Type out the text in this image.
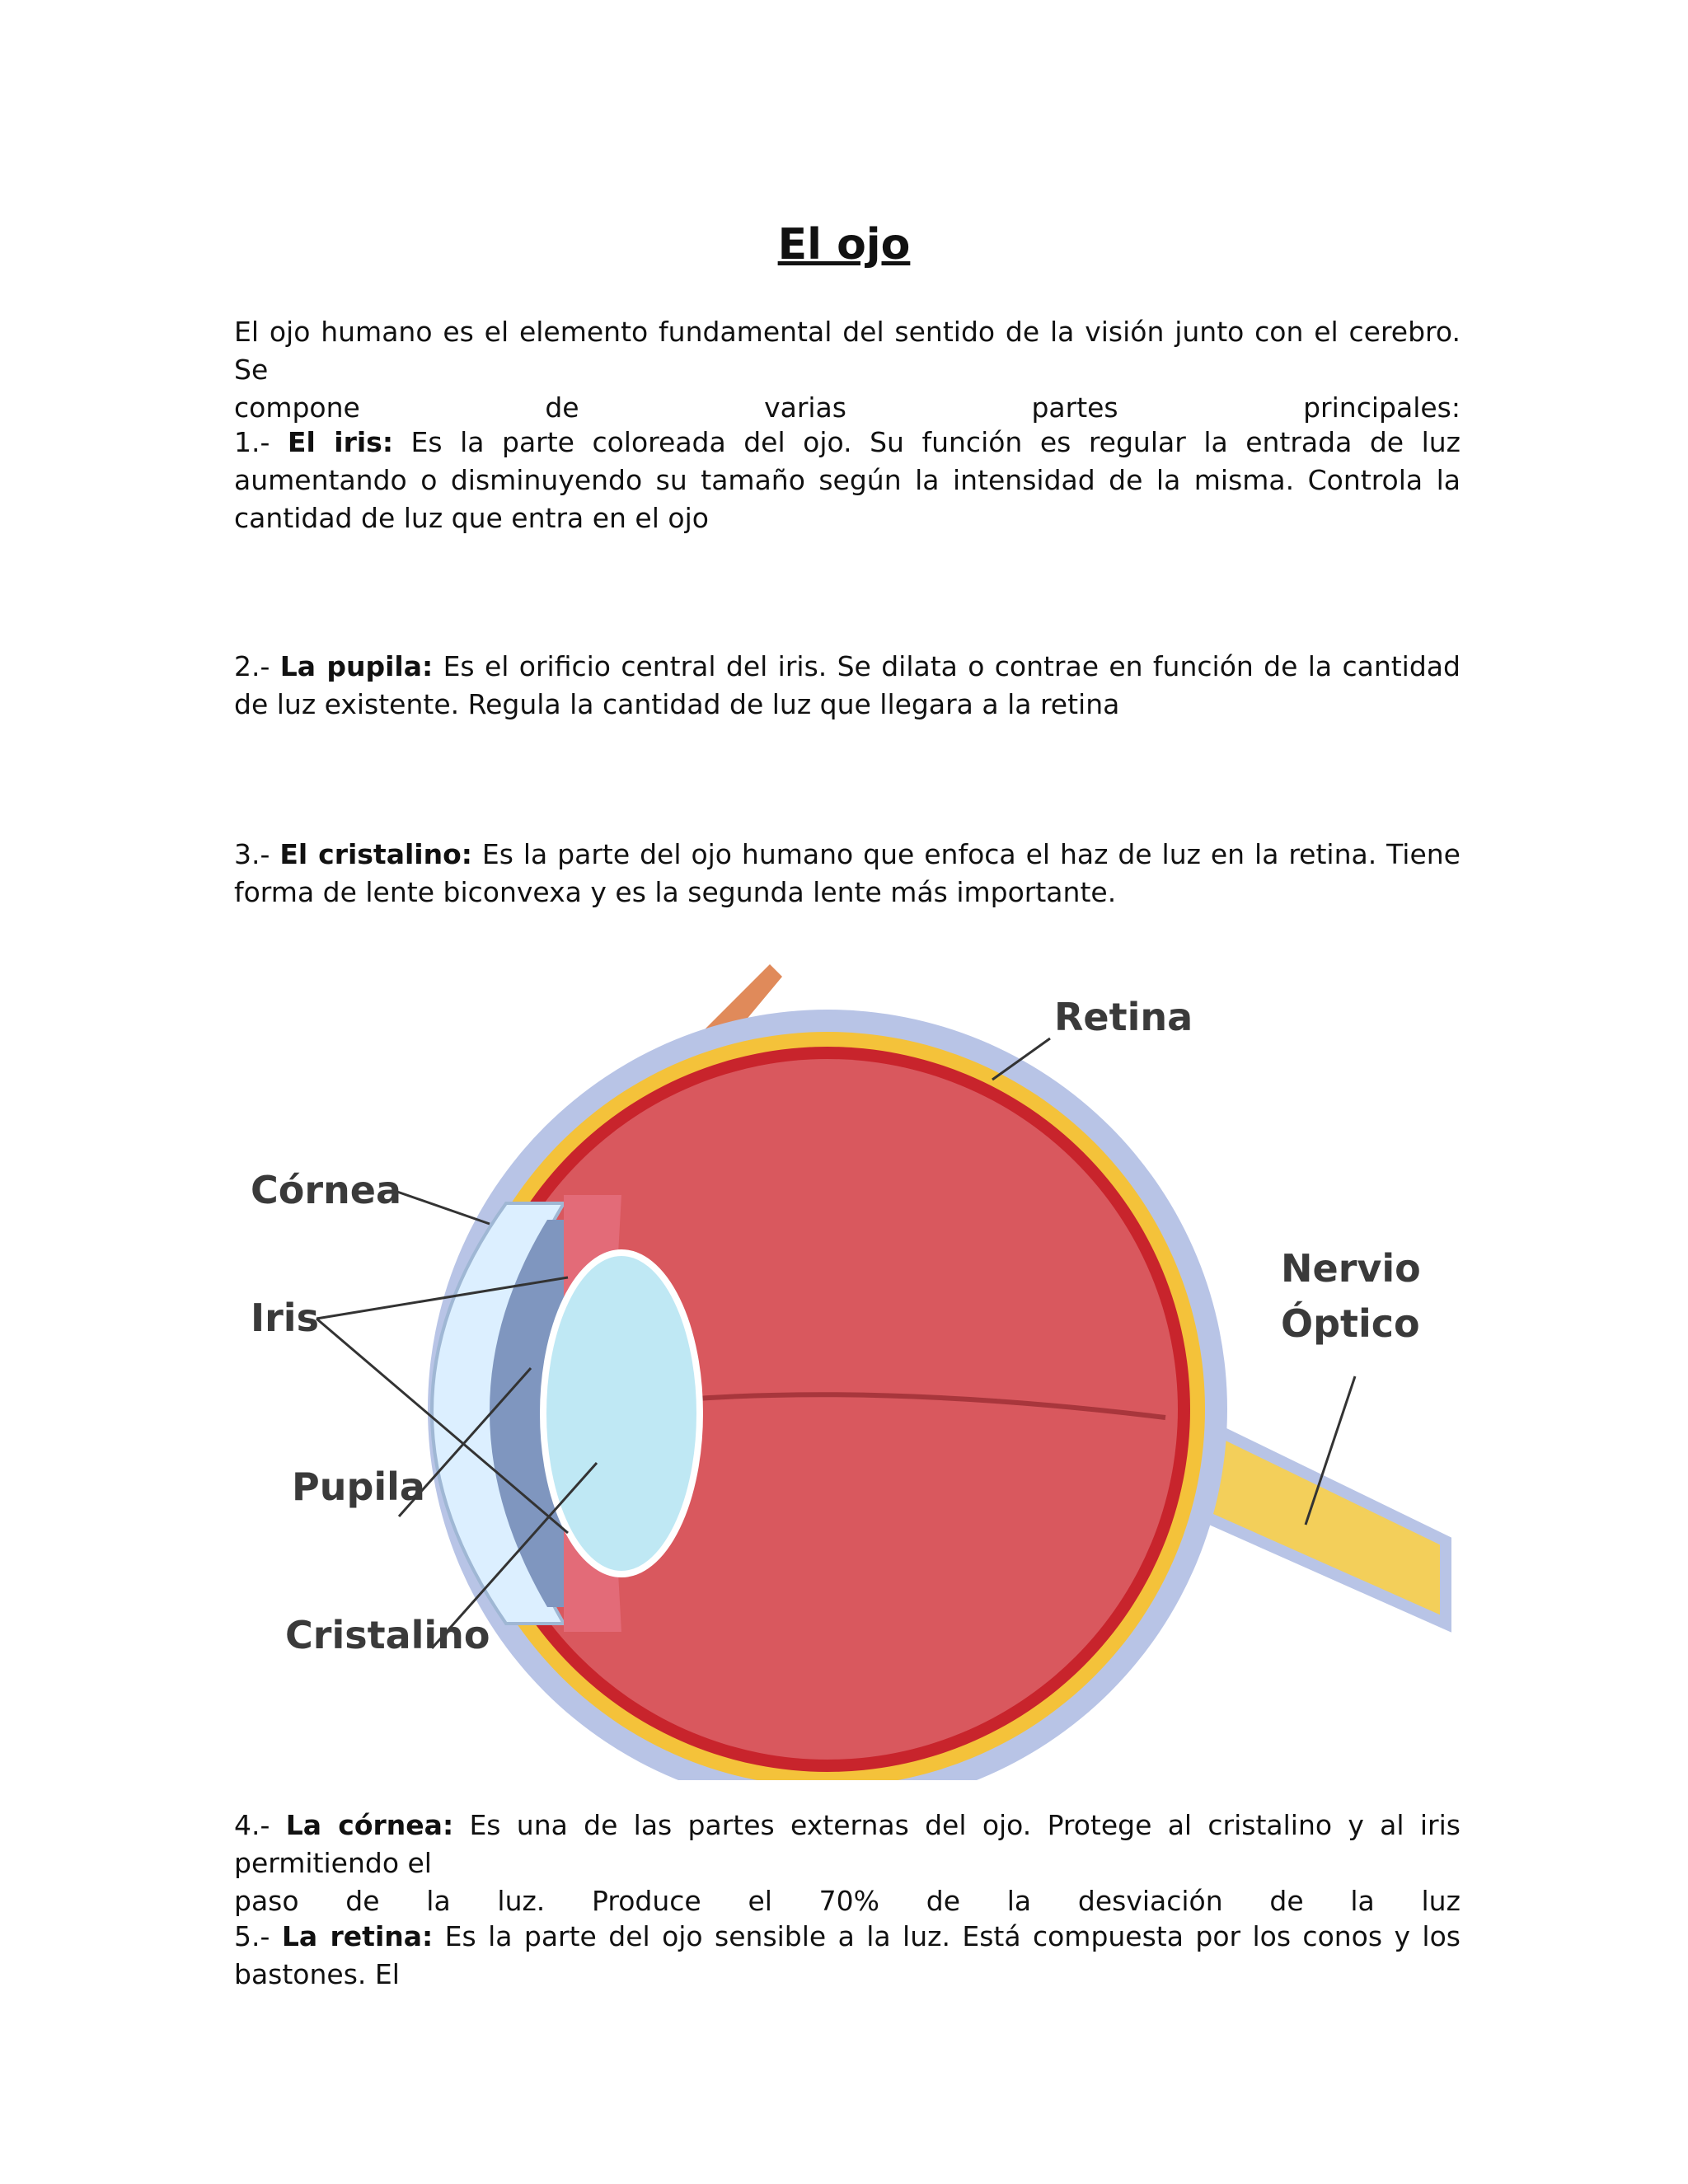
El ojo
El ojo humano es el elemento fundamental del sentido de la visión junto con el cerebro. Se
compone	de	varias	partes	principales:

1.- El iris: Es la parte coloreada del ojo. Su función es regular la entrada de luz aumentando o disminuyendo su tamaño según la intensidad de la misma. Controla la cantidad de luz que entra en el ojo

2.- La pupila: Es el orificio central del iris. Se dilata o contrae en función de la cantidad de luz existente. Regula la cantidad de luz que llegara a la retina

3.- El cristalino: Es la parte del ojo humano que enfoca el haz de luz en la retina. Tiene forma de lente biconvexa y es la segunda lente más importante.

Retina
Córnea
Iris
Nervio
Óptico
Pupila
Cristalino
4.- La córnea: Es una de las partes externas del ojo. Protege al cristalino y al iris permitiendo el
paso de la luz. Produce el 70% de la desviación de la luz

5.- La retina: Es la parte del ojo sensible a la luz. Está compuesta por los conos y los bastones. El
